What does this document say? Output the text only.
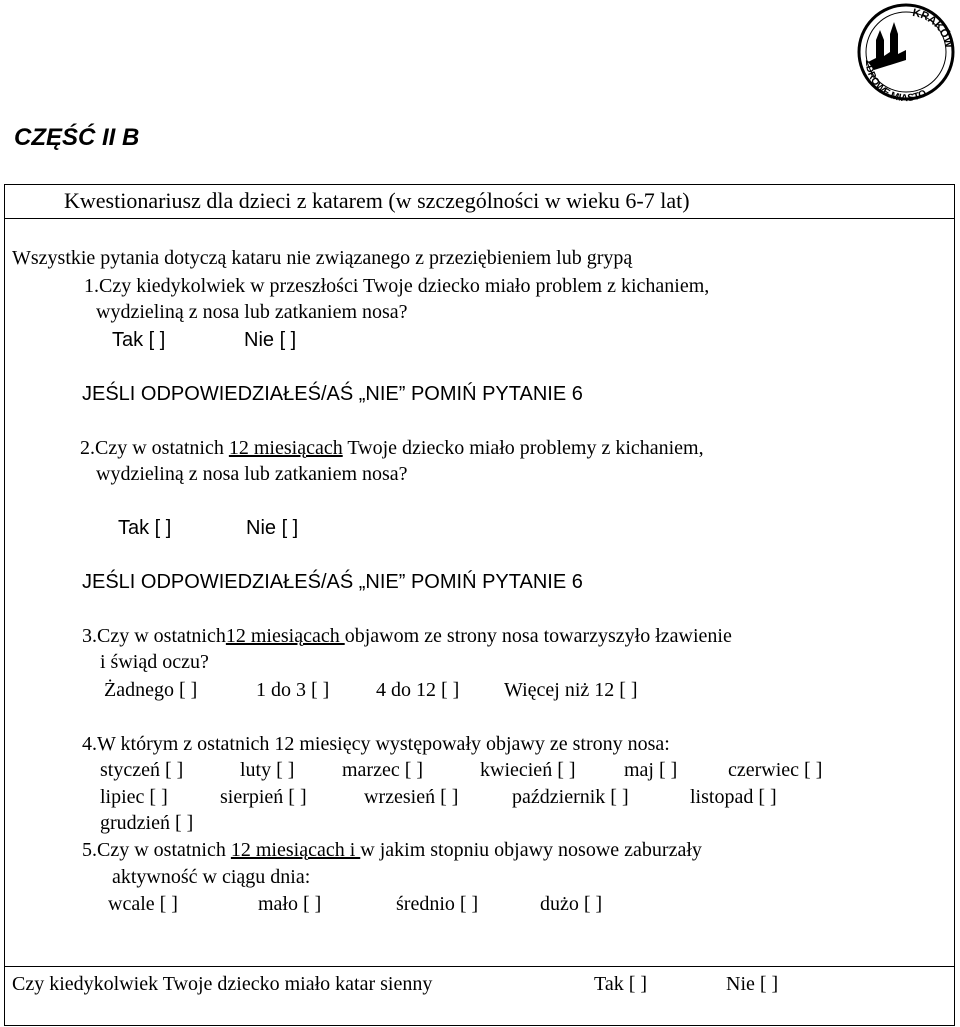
KRAKÓW
ZDROWE MIASTO
CZĘŚĆ II B
Kwestionariusz dla dzieci z katarem (w szczególności w wieku 6-7 lat)
Wszystkie pytania dotyczą kataru nie związanego z przeziębieniem lub grypą
1.Czy kiedykolwiek w przeszłości Twoje dziecko miało problem z kichaniem,
wydzieliną z nosa lub zatkaniem nosa?
Tak [ ]	Nie [ ]
JEŚLI ODPOWIEDZIAŁEŚ/AŚ „NIE” POMIŃ PYTANIE 6
2.Czy w ostatnich 12 miesiącach Twoje dziecko miało problemy z kichaniem,
wydzieliną z nosa lub zatkaniem nosa?
Tak [ ]	Nie [ ]
JEŚLI ODPOWIEDZIAŁEŚ/AŚ „NIE” POMIŃ PYTANIE 6
3.Czy w ostatnich12 miesiącach objawom ze strony nosa towarzyszyło łzawienie
i świąd oczu?
Żadnego [ ]	1 do 3 [ ] 4 do 12 [ ] Więcej niż 12 [ ]
4.W którym z ostatnich 12 miesięcy występowały objawy ze strony nosa:
styczeń [ ]	luty [ ] marzec [ ]	kwiecień [ ] maj [ ]	czerwiec [ ]
lipiec [ ]	sierpień [ ]	wrzesień [ ]	październik [ ]	listopad [ ]
grudzień [ ]
5.Czy w ostatnich 12 miesiącach i w jakim stopniu objawy nosowe zaburzały
aktywność w ciągu dnia:
wcale [ ]	mało [ ]	średnio [ ]	dużo [ ]
Czy kiedykolwiek Twoje dziecko miało katar sienny	Tak [ ]	Nie [ ]
